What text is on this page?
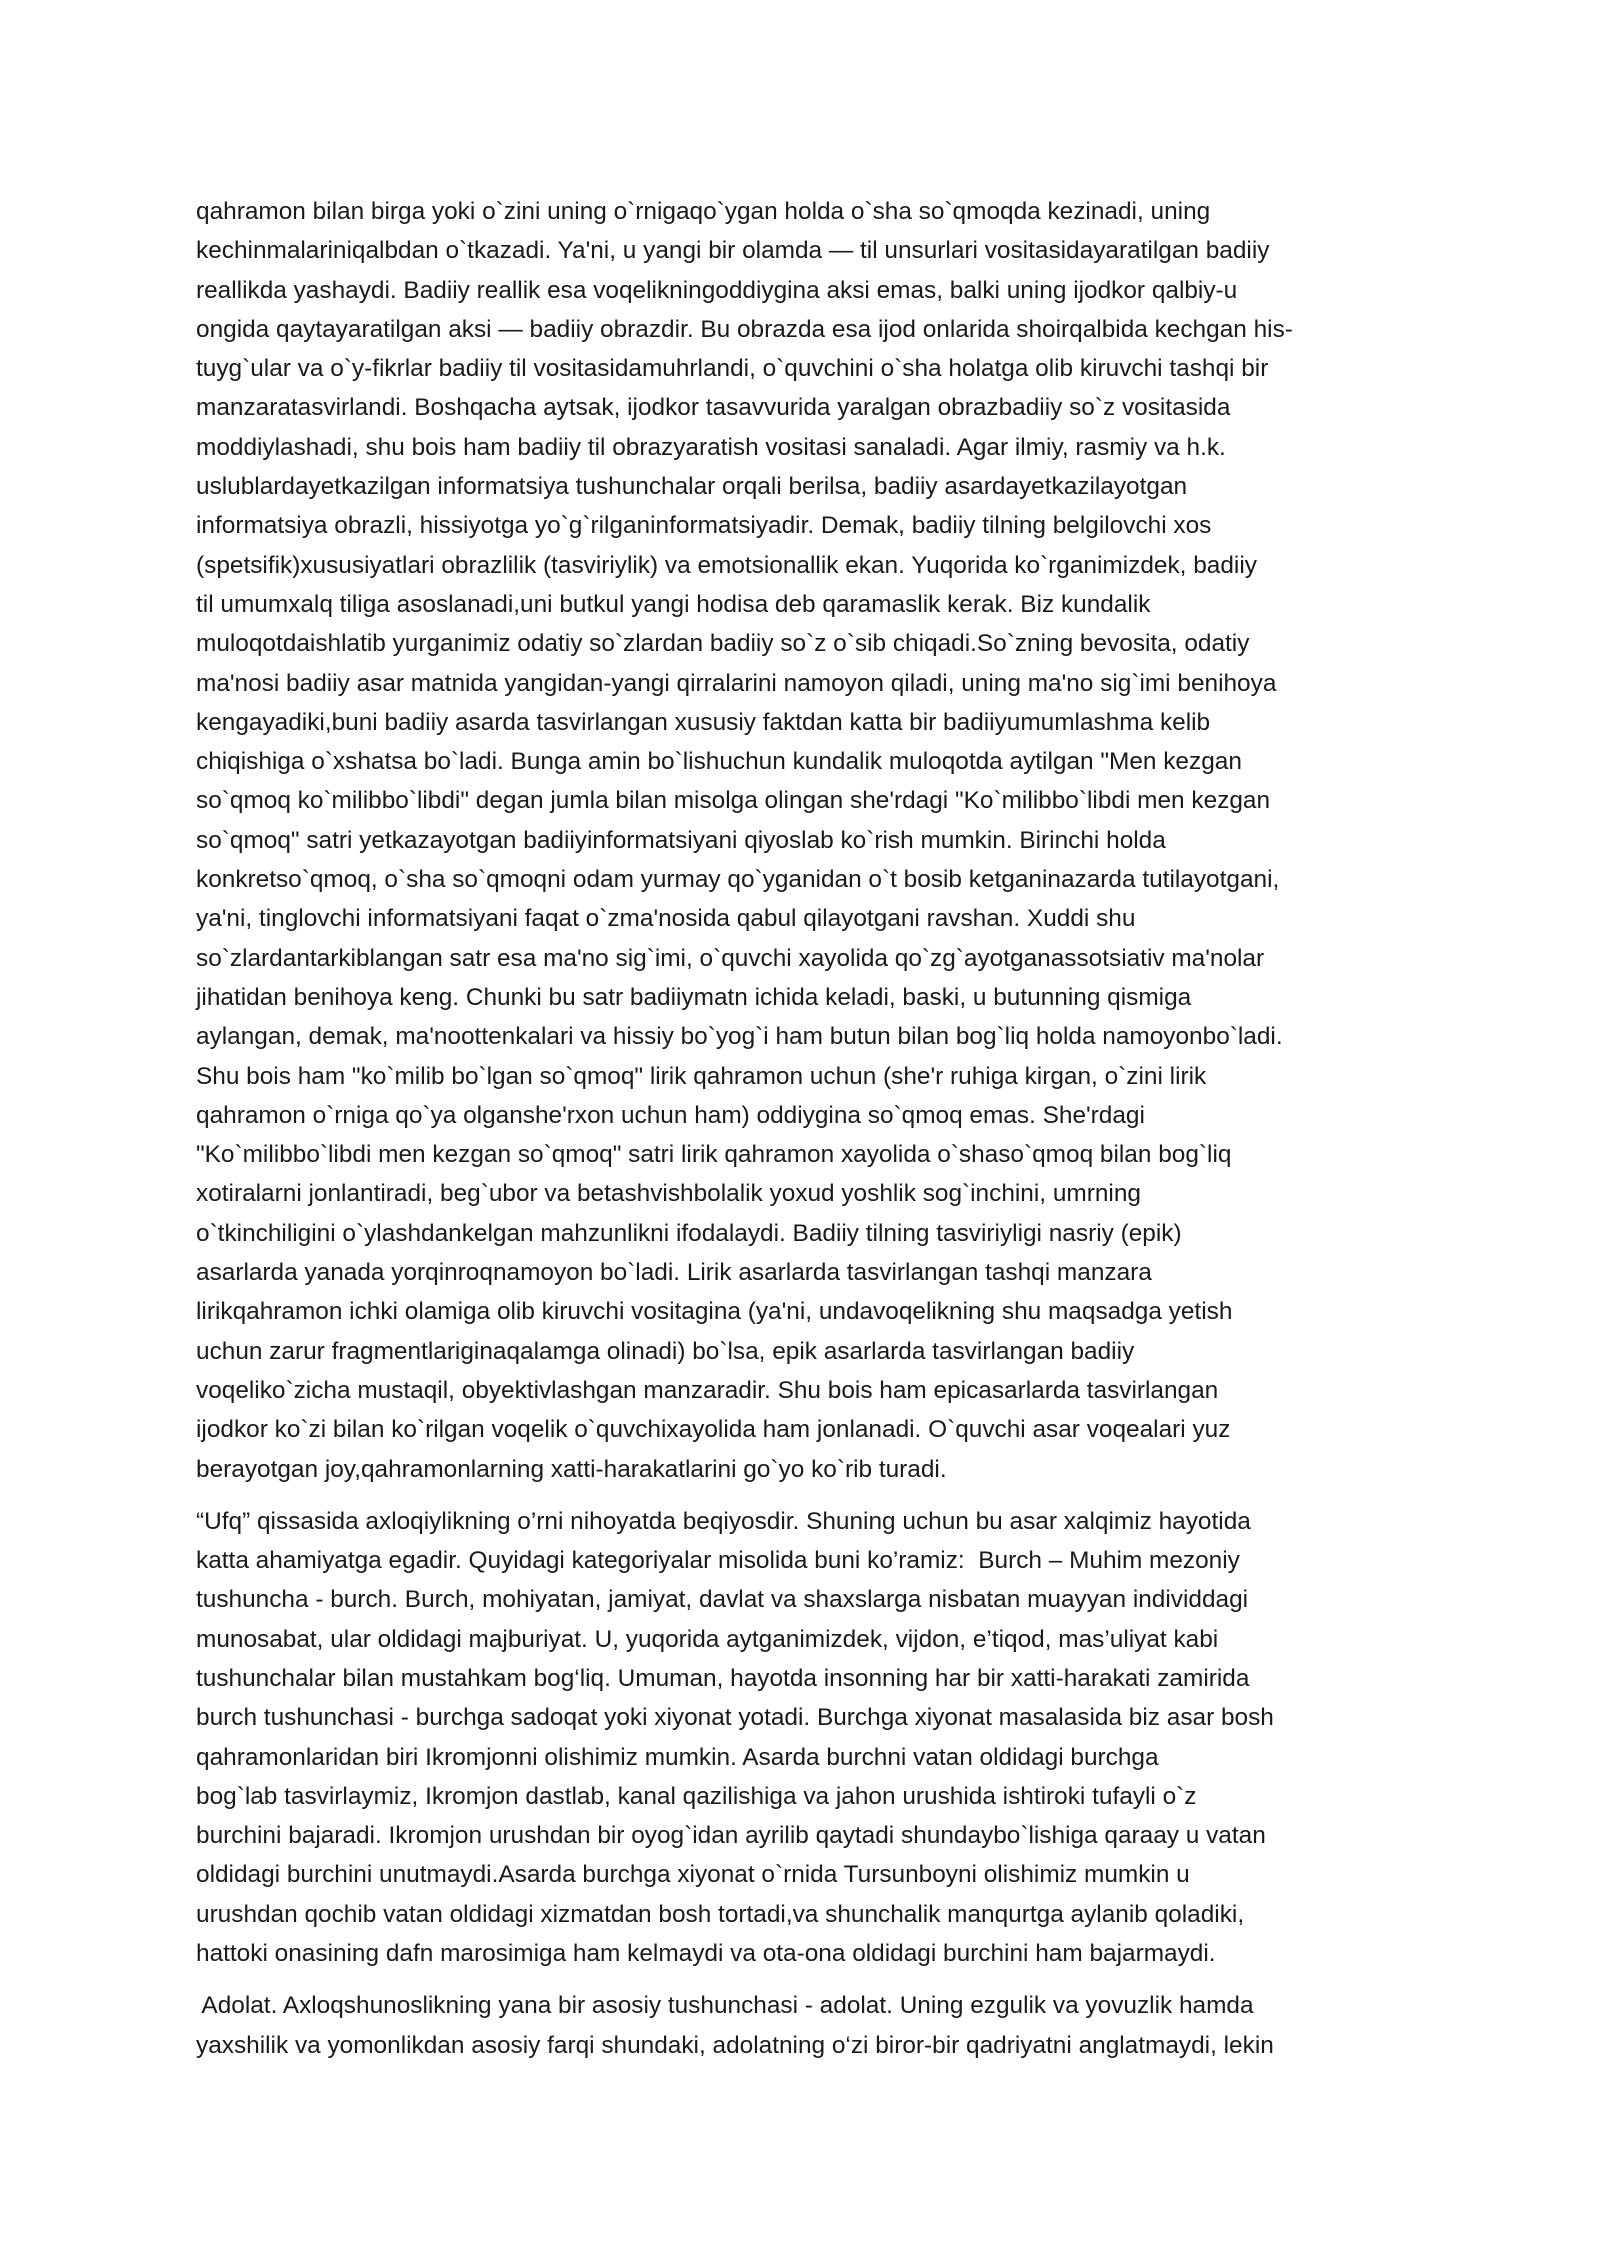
qahramon bilan birga yoki o`zini uning o`rnigaqo`ygan holda o`sha so`qmoqda kezinadi, uning
kechinmalariniqalbdan o`tkazadi. Ya'ni, u yangi bir olamda — til unsurlari vositasidayaratilgan badiiy
reallikda yashaydi. Badiiy reallik esa voqelikningoddiygina aksi emas, balki uning ijodkor qalbiy-u
ongida qaytayaratilgan aksi — badiiy obrazdir. Bu obrazda esa ijod onlarida shoirqalbida kechgan his-
tuyg`ular va o`y-fikrlar badiiy til vositasidamuhrlandi, o`quvchini o`sha holatga olib kiruvchi tashqi bir
manzaratasvirlandi. Boshqacha aytsak, ijodkor tasavvurida yaralgan obrazbadiiy so`z vositasida
moddiylashadi, shu bois ham badiiy til obrazyaratish vositasi sanaladi. Agar ilmiy, rasmiy va h.k.
uslublardayetkazilgan informatsiya tushunchalar orqali berilsa, badiiy asardayetkazilayotgan
informatsiya obrazli, hissiyotga yo`g`rilganinformatsiyadir. Demak, badiiy tilning belgilovchi xos
(spetsifik)xususiyatlari obrazlilik (tasviriylik) va emotsionallik ekan. Yuqorida ko`rganimizdek, badiiy
til umumxalq tiliga asoslanadi,uni butkul yangi hodisa deb qaramaslik kerak. Biz kundalik
muloqotdaishlatib yurganimiz odatiy so`zlardan badiiy so`z o`sib chiqadi.So`zning bevosita, odatiy
ma'nosi badiiy asar matnida yangidan-yangi qirralarini namoyon qiladi, uning ma'no sig`imi benihoya
kengayadiki,buni badiiy asarda tasvirlangan xususiy faktdan katta bir badiiyumumlashma kelib
chiqishiga o`xshatsa bo`ladi. Bunga amin bo`lishuchun kundalik muloqotda aytilgan "Men kezgan
so`qmoq ko`milibbo`libdi" degan jumla bilan misolga olingan she'rdagi "Ko`milibbo`libdi men kezgan
so`qmoq" satri yetkazayotgan badiiyinformatsiyani qiyoslab ko`rish mumkin. Birinchi holda
konkretso`qmoq, o`sha so`qmoqni odam yurmay qo`yganidan o`t bosib ketganinazarda tutilayotgani,
ya'ni, tinglovchi informatsiyani faqat o`zma'nosida qabul qilayotgani ravshan. Xuddi shu
so`zlardantarkiblangan satr esa ma'no sig`imi, o`quvchi xayolida qo`zg`ayotganassotsiativ ma'nolar
jihatidan benihoya keng. Chunki bu satr badiiymatn ichida keladi, baski, u butunning qismiga
aylangan, demak, ma'noottenkalari va hissiy bo`yog`i ham butun bilan bog`liq holda namoyonbo`ladi.
Shu bois ham "ko`milib bo`lgan so`qmoq" lirik qahramon uchun (she'r ruhiga kirgan, o`zini lirik
qahramon o`rniga qo`ya olganshe'rxon uchun ham) oddiygina so`qmoq emas. She'rdagi
"Ko`milibbo`libdi men kezgan so`qmoq" satri lirik qahramon xayolida o`shaso`qmoq bilan bog`liq
xotiralarni jonlantiradi, beg`ubor va betashvishbolalik yoxud yoshlik sog`inchini, umrning
o`tkinchiligini o`ylashdankelgan mahzunlikni ifodalaydi. Badiiy tilning tasviriyligi nasriy (epik)
asarlarda yanada yorqinroqnamoyon bo`ladi. Lirik asarlarda tasvirlangan tashqi manzara
lirikqahramon ichki olamiga olib kiruvchi vositagina (ya'ni, undavoqelikning shu maqsadga yetish
uchun zarur fragmentlariginaqalamga olinadi) bo`lsa, epik asarlarda tasvirlangan badiiy
voqeliko`zicha mustaqil, obyektivlashgan manzaradir. Shu bois ham epicasarlarda tasvirlangan
ijodkor ko`zi bilan ko`rilgan voqelik o`quvchixayolida ham jonlanadi. O`quvchi asar voqealari yuz
berayotgan joy,qahramonlarning xatti-harakatlarini go`yo ko`rib turadi.

“Ufq” qissasida axloqiylikning o’rni nihoyatda beqiyosdir. Shuning uchun bu asar xalqimiz hayotida
katta ahamiyatga egadir. Quyidagi kategoriyalar misolida buni ko’ramiz:  Burch – Muhim mezoniy
tushuncha - burch. Burch, mohiyatan, jamiyat, davlat va shaxslarga nisbatan muayyan individdagi
munosabat, ular oldidagi majburiyat. U, yuqorida aytganimizdek, vijdon, e’tiqod, mas’uliyat kabi
tushunchalar bilan mustahkam bog‘liq. Umuman, hayotda insonning har bir xatti-harakati zamirida
burch tushunchasi - burchga sadoqat yoki xiyonat yotadi. Burchga xiyonat masalasida biz asar bosh
qahramonlaridan biri Ikromjonni olishimiz mumkin. Asarda burchni vatan oldidagi burchga
bog`lab tasvirlaymiz, Ikromjon dastlab, kanal qazilishiga va jahon urushida ishtiroki tufayli o`z
burchini bajaradi. Ikromjon urushdan bir oyog`idan ayrilib qaytadi shundaybo`lishiga qaraay u vatan
oldidagi burchini unutmaydi.Asarda burchga xiyonat o`rnida Tursunboyni olishimiz mumkin u
urushdan qochib vatan oldidagi xizmatdan bosh tortadi,va shunchalik manqurtga aylanib qoladiki,
hattoki onasining dafn marosimiga ham kelmaydi va ota-ona oldidagi burchini ham bajarmaydi.

Adolat. Axloqshunoslikning yana bir asosiy tushunchasi - adolat. Uning ezgulik va yovuzlik hamda
yaxshilik va yomonlikdan asosiy farqi shundaki, adolatning o‘zi biror-bir qadriyatni anglatmaydi, lekin
